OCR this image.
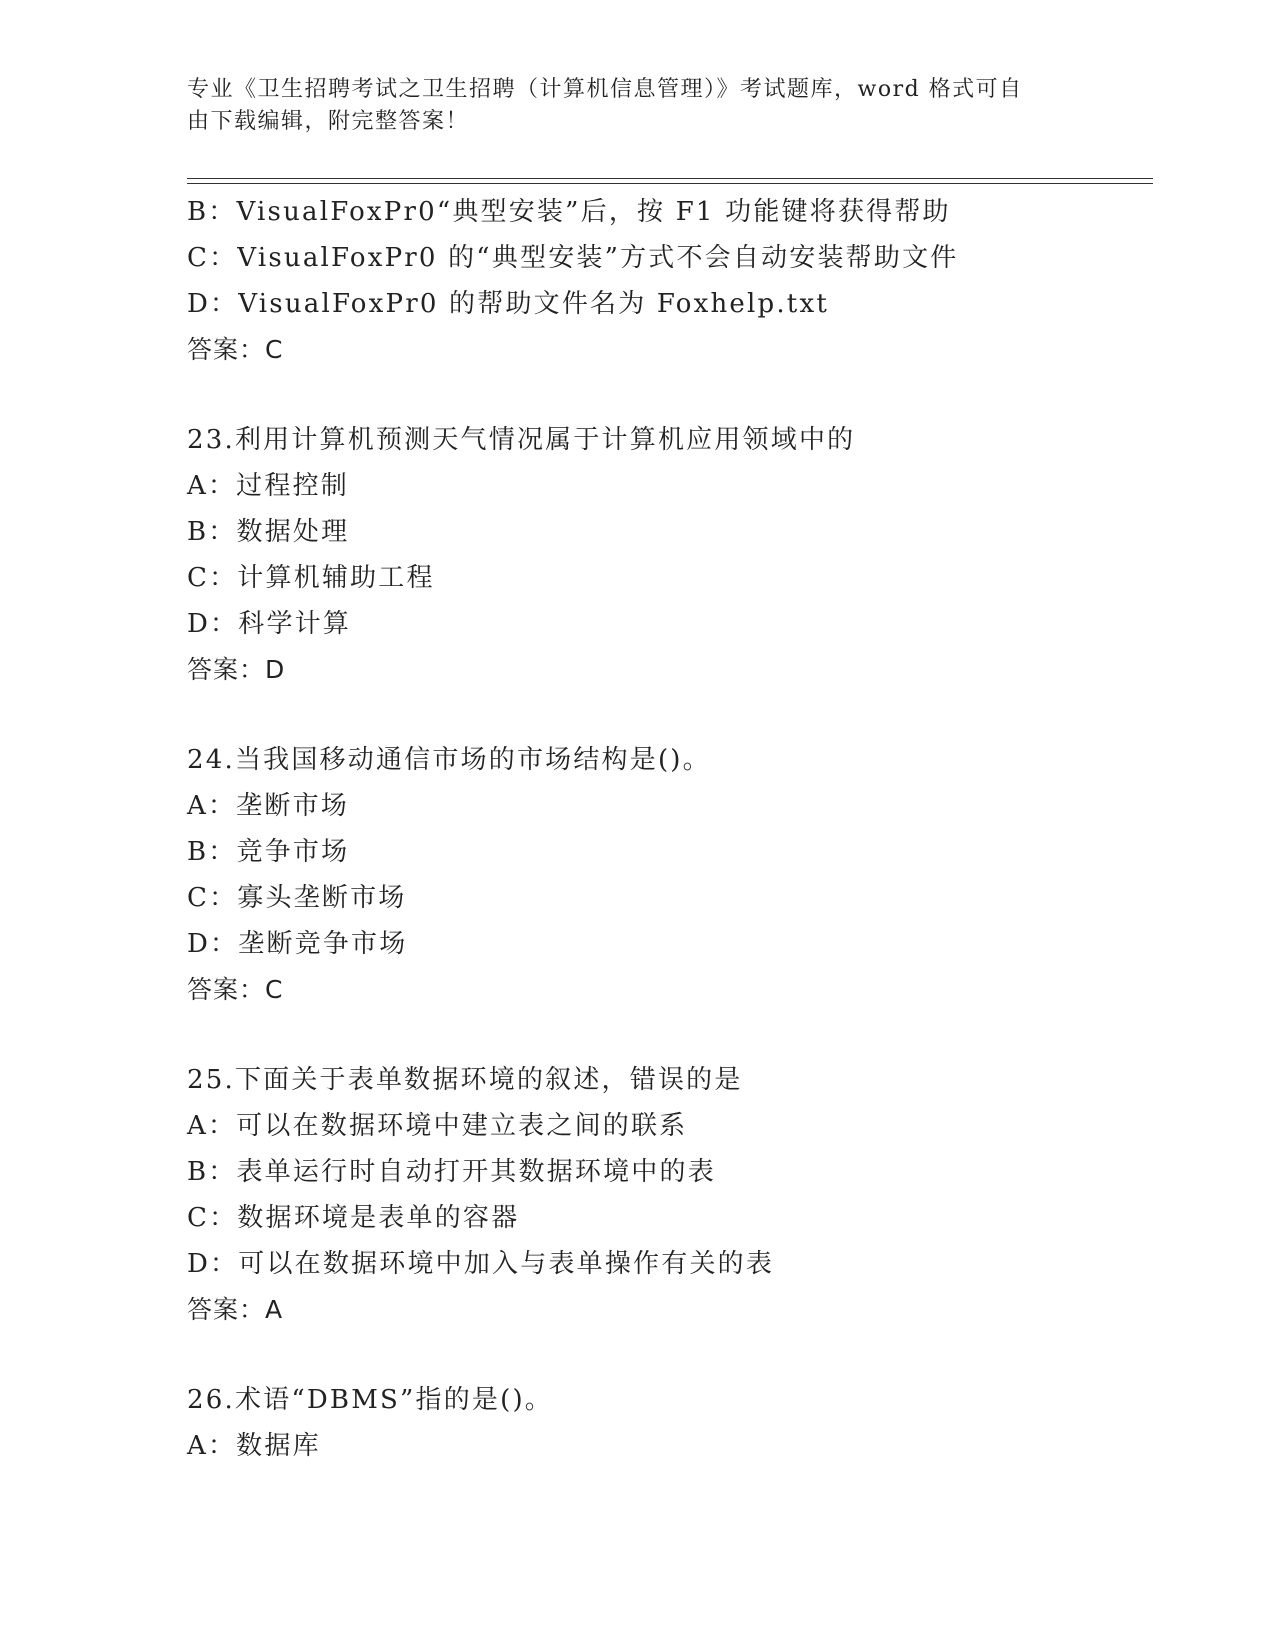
专业《卫生招聘考试之卫生招聘（计算机信息管理）》考试题库，word 格式可自
由下载编辑，附完整答案！
B：VisualFoxPr0“典型安装”后，按 F1 功能键将获得帮助
C：VisualFoxPr0 的“典型安装”方式不会自动安装帮助文件
D：VisualFoxPr0 的帮助文件名为 Foxhelp.txt
答案：C
23.利用计算机预测天气情况属于计算机应用领域中的
A：过程控制
B：数据处理
C：计算机辅助工程
D：科学计算
答案：D
24.当我国移动通信市场的市场结构是()。
A：垄断市场
B：竞争市场
C：寡头垄断市场
D：垄断竞争市场
答案：C
25.下面关于表单数据环境的叙述，错误的是
A：可以在数据环境中建立表之间的联系
B：表单运行时自动打开其数据环境中的表
C：数据环境是表单的容器
D：可以在数据环境中加入与表单操作有关的表
答案：A
26.术语“DBMS”指的是()。
A：数据库
